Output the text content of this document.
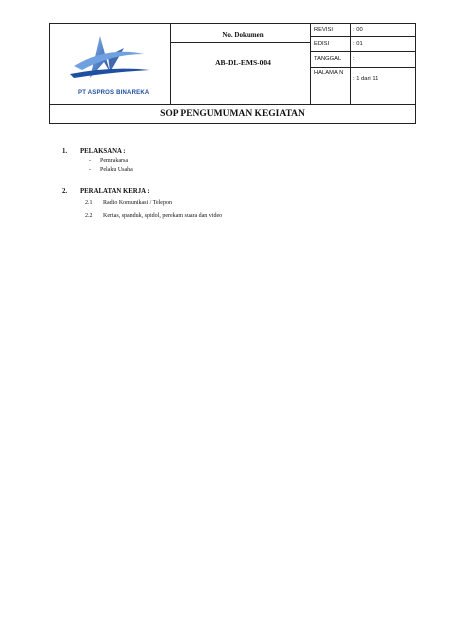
PT ASPROS BINAREKA
No. Dokumen
AB-DL-EMS-004
REVISI	: 00
EDISI	: 01
TANGGAL :
HALAMA N
: 1 dari 11
SOP PENGUMUMAN KEGIATAN
1. PELAKSANA :
- Pemrakarsa
- Pelaku Usaha
2. PERALATAN KERJA :
2.1 Radio Komunikasi / Telepon
2.2 Kertas, spanduk, spidol, perekam suara dan video
